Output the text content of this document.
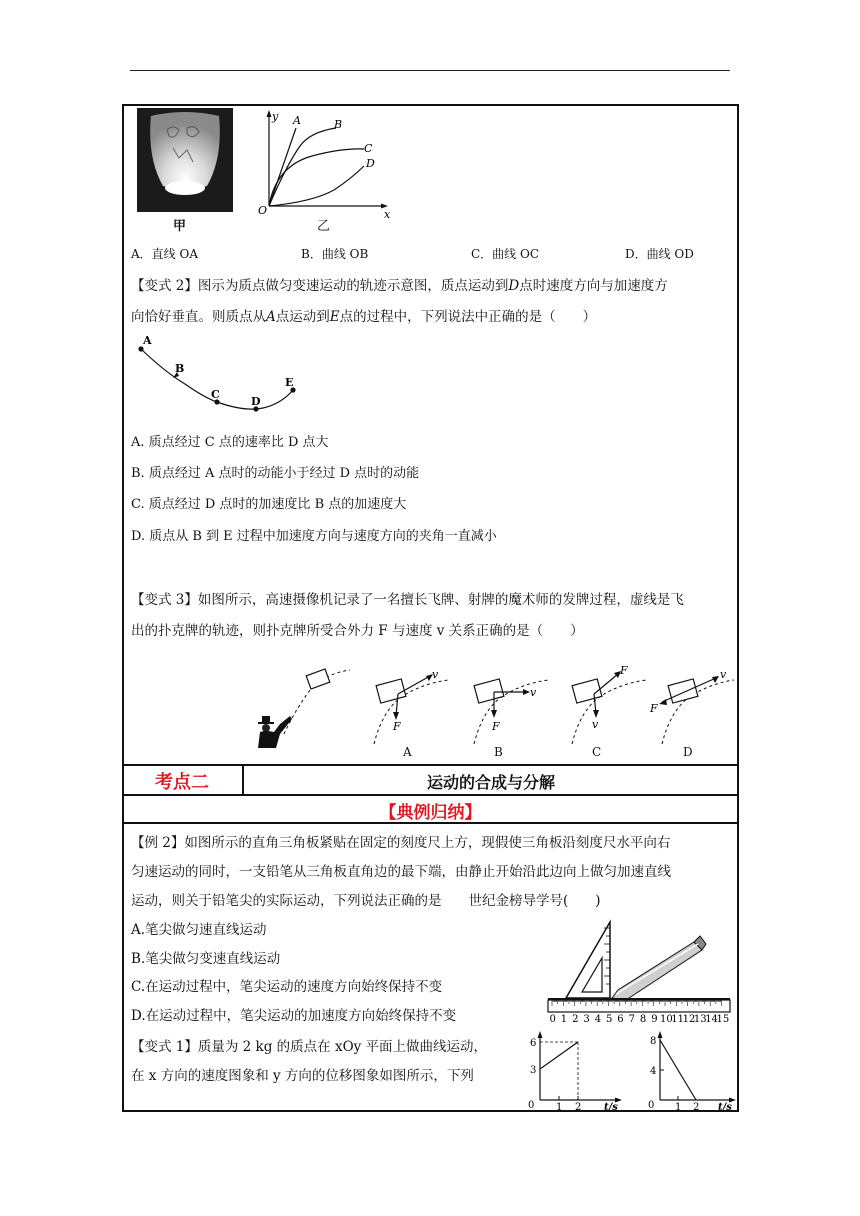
甲
y
x
O
A	B
C
D
乙
A．直线 OA	B．曲线 OB	C．曲线 OC	D．曲线 OD
【变式 2】图示为质点做匀变速运动的轨迹示意图，质点运动到D点时速度方向与加速度方
向恰好垂直。则质点从A点运动到E点的过程中，下列说法中正确的是（　　）
A
B
C
D
E
A. 质点经过 C 点的速率比 D 点大
B. 质点经过 A 点时的动能小于经过 D 点时的动能
C. 质点经过 D 点时的加速度比 B 点的加速度大
D. 质点从 B 到 E 过程中加速度方向与速度方向的夹角一直减小
【变式 3】如图所示，高速摄像机记录了一名擅长飞牌、射牌的魔术师的发牌过程，虚线是飞
出的扑克牌的轨迹，则扑克牌所受合外力 F 与速度 v 关系正确的是（　　）
v
F
v
F
F
v
v
F
A	B	C	D
考点二	运动的合成与分解
【典例归纳】
【例 2】如图所示的直角三角板紧贴在固定的刻度尺上方，现假使三角板沿刻度尺水平向右
匀速运动的同时，一支铅笔从三角板直角边的最下端，由静止开始沿此边向上做匀加速直线
运动，则关于铅笔尖的实际运动，下列说法正确的是　　世纪金榜导学号(　　)
A.笔尖做匀速直线运动
B.笔尖做匀变速直线运动
C.在运动过程中，笔尖运动的速度方向始终保持不变
D.在运动过程中，笔尖运动的加速度方向始终保持不变	0 1 2 3 4 5 6 7 8 9 10
11
12
13
14
15
【变式 1】质量为 2 kg 的质点在 xOy 平面上做曲线运动，
在 x 方向的速度图象和 y 方向的位移图象如图所示，下列
6
3
0 1 2 t/s
8
4
0 1 2 t/s
